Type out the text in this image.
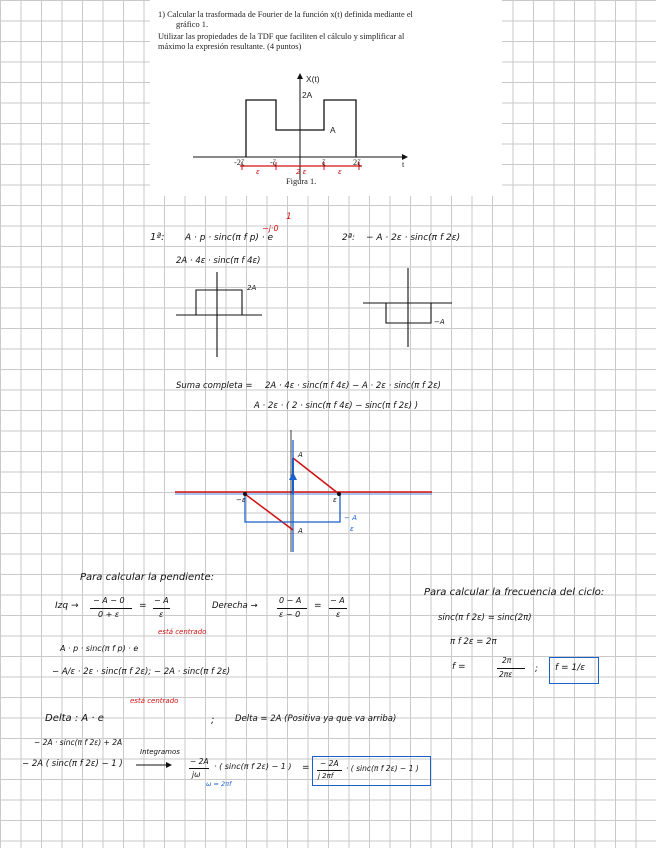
1) Calcular la trasformada de Fourier de la función x(t) definida mediante el
gráfico 1.
Utilizar las propiedades de la TDF que faciliten el cálculo y simplificar al
máximo la expresión resultante. (4 puntos)
X(t)
2A
A
-2ζ	-ζ	ζ	2ζ	t
ε	2 ε	ε
Figura 1.
1ª: A · p · sinc(π f p) · e
−j·0
1
2A · 4ε · sinc(π f 4ε)
2ª: − A · 2ε · sinc(π f 2ε)
2A
−A
Suma completa = 2A · 4ε · sinc(π f 4ε) − A · 2ε · sinc(π f 2ε)
A · 2ε · ( 2 · sinc(π f 4ε) − sinc(π f 2ε) )
A
A
−ε	ε
− A
ε
Para calcular la pendiente:
Izq →
− A − 0
0 + ε
=
− A
ε
Derecha →
0 − A
ε − 0
=
− A
ε
A · p · sinc(π f p) · e
está centrado
− A/ε · 2ε · sinc(π f 2ε); − 2A · sinc(π f 2ε)
Delta : A · e
está centrado
; Delta = 2A (Positiva ya que va arriba)
− 2A · sinc(π f 2ε) + 2A
Integramos
− 2A ( sinc(π f 2ε) − 1 )	− 2A
jω
· ( sinc(π f 2ε) − 1 )
ω = 2πf
= − 2A
j 2πf
· ( sinc(π f 2ε) − 1 )
Para calcular la frecuencia del ciclo:
sinc(π f 2ε) = sinc(2π)
π f 2ε = 2π
f =
2π
2πε
; f = 1/ε
